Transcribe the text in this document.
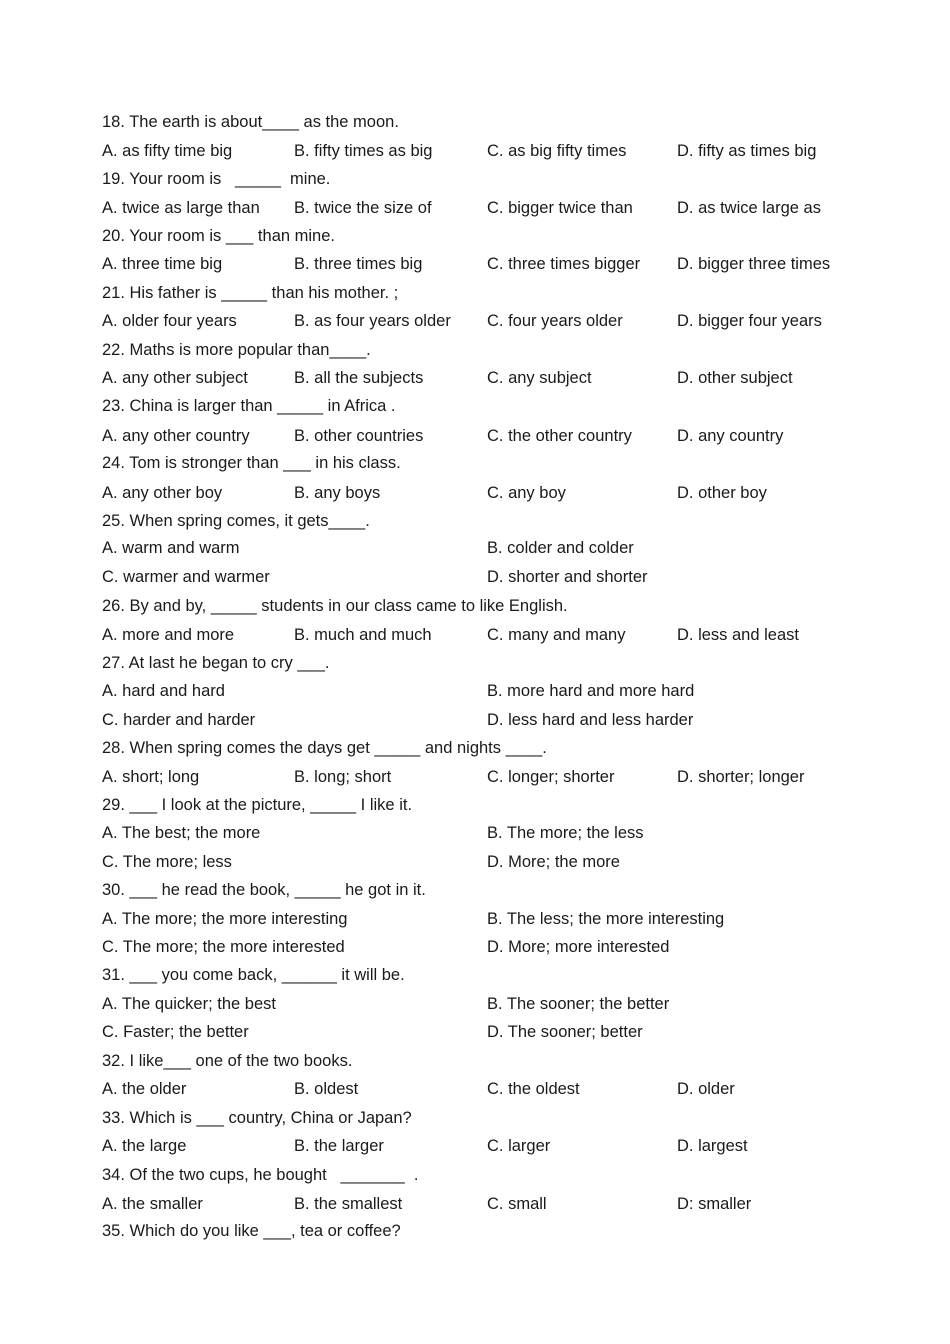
18. The earth is about____ as the moon.
A. as fifty time big	B. fifty times as big	C. as big fifty times	D. fifty as times big
19. Your room is   _____  mine.
A. twice as large than B. twice the size of	C. bigger twice than	D. as twice large as
20. Your room is ___ than mine.
A. three time big	B. three times big	C. three times bigger D. bigger three times
21. His father is _____ than his mother. ;
A. older four years	B. as four years older C. four years older	D. bigger four years
22. Maths is more popular than____.
A. any other subject	B. all the subjects	C. any subject	D. other subject
23. China is larger than _____ in Africa .
A. any other country	B. other countries	C. the other country	D. any country
24. Tom is stronger than ___ in his class.
A. any other boy	B. any boys	C. any boy	D. other boy
25. When spring comes, it gets____.
A. warm and warm	B. colder and colder
C. warmer and warmer	D. shorter and shorter
26. By and by, _____ students in our class came to like English.
A. more and more	B. much and much	C. many and many	D. less and least
27. At last he began to cry ___.
A. hard and hard	B. more hard and more hard
C. harder and harder	D. less hard and less harder
28. When spring comes the days get _____ and nights ____.
A. short; long	B. long; short	C. longer; shorter	D. shorter; longer
29. ___ I look at the picture, _____ I like it.
A. The best; the more	B. The more; the less
C. The more; less	D. More; the more
30. ___ he read the book, _____ he got in it.
A. The more; the more interesting	B. The less; the more interesting
C. The more; the more interested	D. More; more interested
31. ___ you come back, ______ it will be.
A. The quicker; the best	B. The sooner; the better
C. Faster; the better	D. The sooner; better
32. I like___ one of the two books.
A. the older	B. oldest	C. the oldest	D. older
33. Which is ___ country, China or Japan?
A. the large	B. the larger	C. larger	D. largest
34. Of the two cups, he bought   _______  .
A. the smaller	B. the smallest	C. small	D: smaller
35. Which do you like ___, tea or coffee?
